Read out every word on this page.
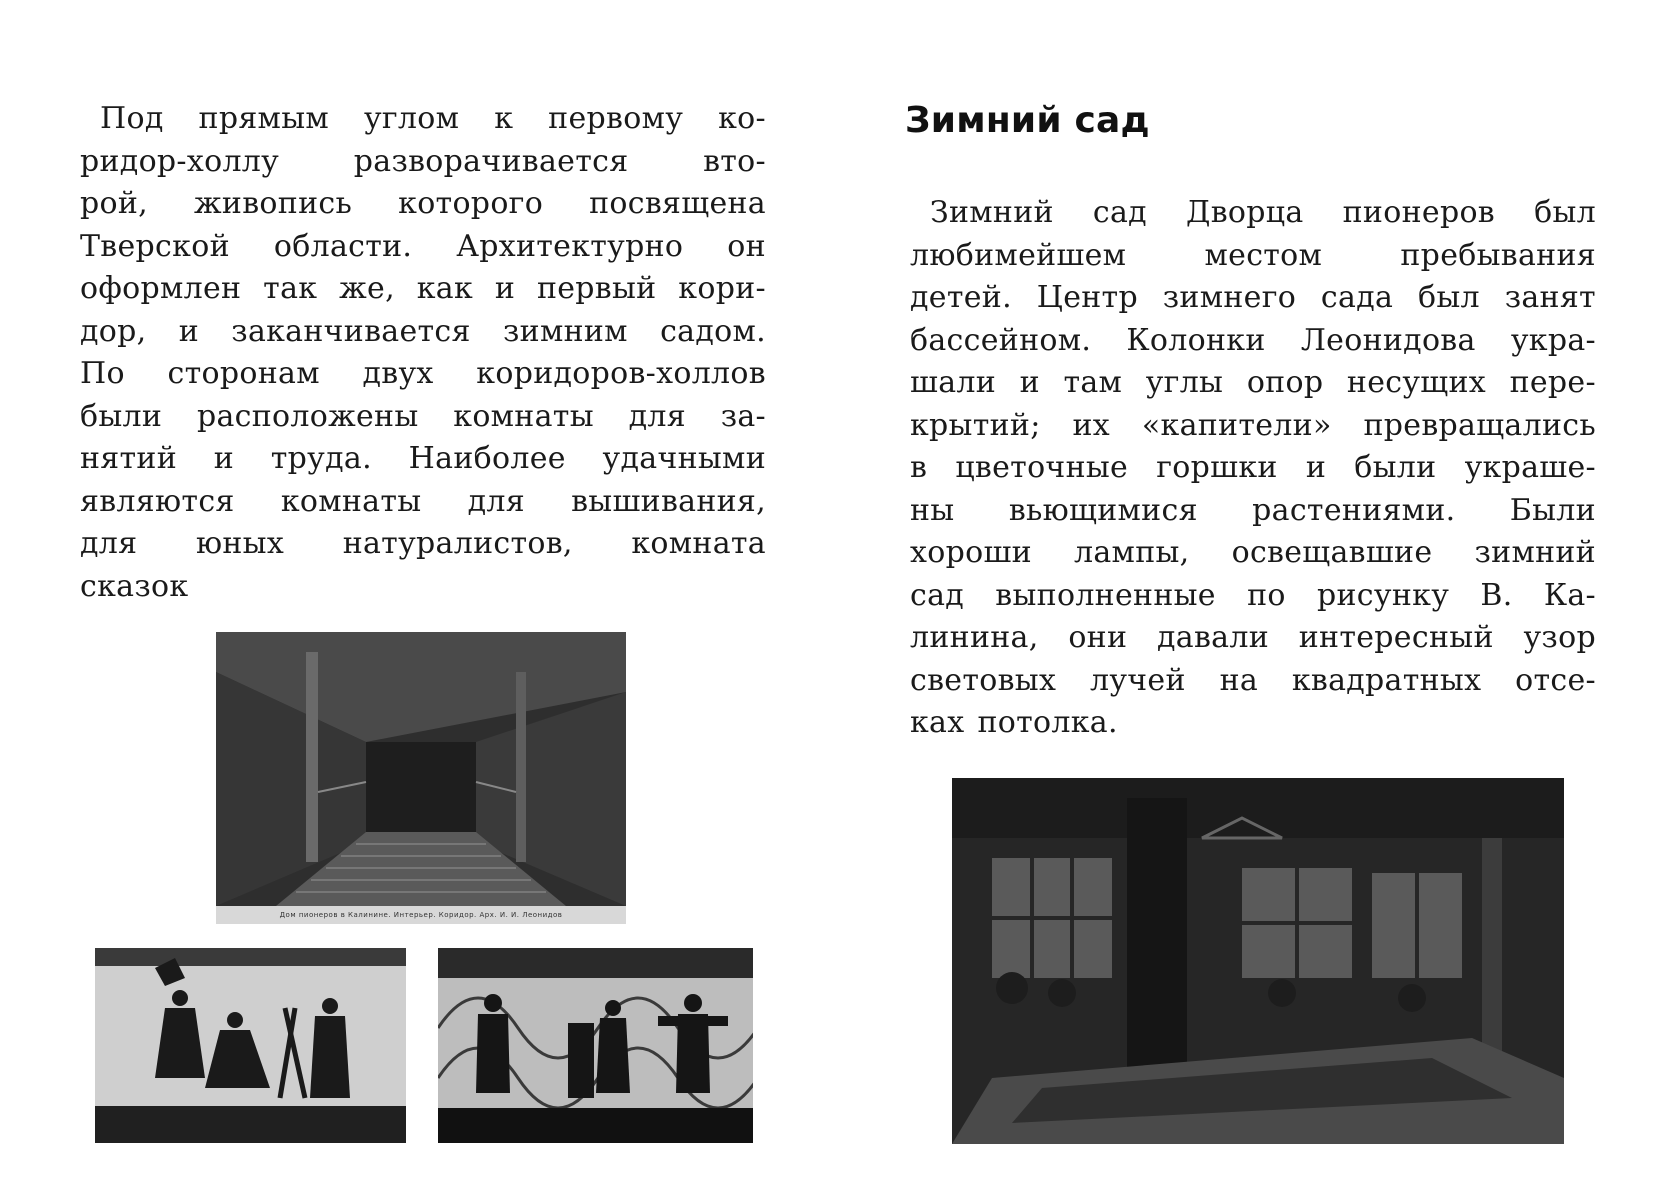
Под прямым углом к первому ко-
ридор-холлу разворачивается вто-
рой, живопись которого посвящена
Тверской области. Архитектурно он
оформлен так же, как и первый кори-
дор, и заканчивается зимним садом.
По сторонам двух коридоров-холлов
были расположены комнаты для за-
нятий и труда. Наиболее удачными
являются комнаты для вышивания,
для юных натуралистов, комната
сказок
Дом пионеров в Калинине. Интерьер. Коридор. Арх. И. И. Леонидов
Зимний сад
Зимний сад Дворца пионеров был
любимейшем	местом	пребывания
детей. Центр зимнего сада был занят
бассейном. Колонки Леонидова укра-
шали и там углы опор несущих пере-
крытий; их «капители» превращались
в цветочные горшки и были украше-
ны вьющимися растениями. Были
хороши лампы, освещавшие зимний
сад выполненные по рисунку В. Ка-
линина, они давали интересный узор
световых лучей на квадратных отсе-
ках потолка.
